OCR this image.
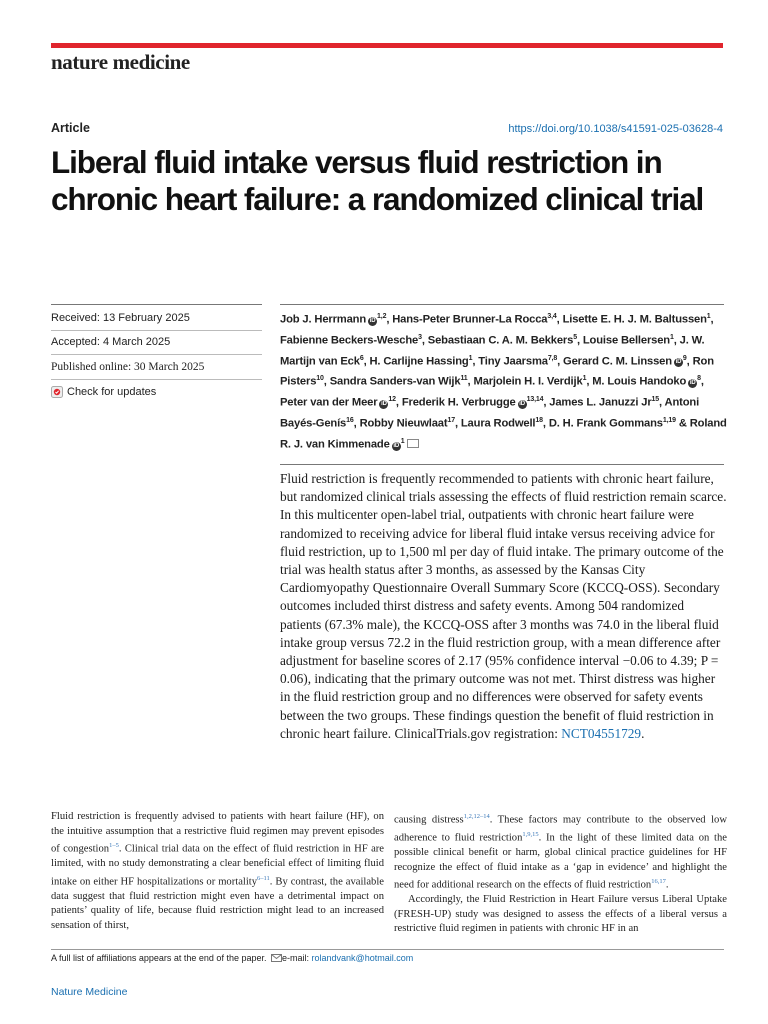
nature medicine
Article	https://doi.org/10.1038/s41591-025-03628-4
Liberal fluid intake versus fluid restriction in chronic heart failure: a randomized clinical trial
Received: 13 February 2025
Accepted: 4 March 2025
Published online: 30 March 2025
Check for updates
Job J. Herrmann iD$^{1,2}$, Hans-Peter Brunner-La Rocca$^{3,4}$, Lisette E. H. J. M. Baltussen$^1$, Fabienne Beckers-Wesche$^3$, Sebastiaan C. A. M. Bekkers$^5$, Louise Bellersen$^1$, J. W. Martijn van Eck$^6$, H. Carlijne Hassing$^1$, Tiny Jaarsma$^{7,8}$, Gerard C. M. Linssen $iD^9$, Ron Pisters$^{10}$, Sandra Sanders-van Wijk$^{11}$, Marjolein H. I. Verdijk$^1$, M. Louis Handoko $iD^8$, Peter van der Meer $iD^{12}$, Frederik H. Verbrugge iD$^{13,14}$, James L. Januzzi Jr$^{15}$, Antoni Bayés-Genís$^{16}$, Robby Nieuwlaat$^{17}$, Laura Rodwell$^{18}$, D. H. Frank Gommans$^{1,19}$ & Roland R. J. van Kimmenade $iD^1$

Fluid restriction is frequently recommended to patients with chronic heart failure, but randomized clinical trials assessing the effects of fluid restriction remain scarce. In this multicenter open-label trial, outpatients with chronic heart failure were randomized to receiving advice for liberal fluid intake versus receiving advice for fluid restriction, up to 1,500 ml per day of fluid intake. The primary outcome of the trial was health status after 3 months, as assessed by the Kansas City Cardiomyopathy Questionnaire Overall Summary Score (KCCQ-OSS). Secondary outcomes included thirst distress and safety events. Among 504 randomized patients (67.3% male), the KCCQ-OSS after 3 months was 74.0 in the liberal fluid intake group versus 72.2 in the fluid restriction group, with a mean difference after adjustment for baseline scores of 2.17 (95% confidence interval −0.06 to 4.39; P = 0.06), indicating that the primary outcome was not met. Thirst distress was higher in the fluid restriction group and no differences were observed for safety events between the two groups. These findings question the benefit of fluid restriction in chronic heart failure. ClinicalTrials.gov registration: NCT04551729.

Fluid restriction is frequently advised to patients with heart failure (HF), on the intuitive assumption that a restrictive fluid regimen may prevent episodes of congestion$^{1-5}$. Clinical trial data on the effect of fluid restriction in HF are limited, with no study demonstrating a clear beneficial effect of limiting fluid intake on either HF hospitalizations or mortality$^{6-11}$. By contrast, the available data suggest that fluid restriction might even have a detrimental impact on patients’ quality of life, because fluid restriction might lead to an increased sensation of thirst,

causing distress$^{1,2,12-14}$. These factors may contribute to the observed low adherence to fluid restriction$^{1,9,15}$. In the light of these limited data on the possible clinical benefit or harm, global clinical practice guidelines for HF recognize the effect of fluid intake as a ‘gap in evidence’ and highlight the need for additional research on the effects of fluid restriction$^{16,17}$.

Accordingly, the Fluid Restriction in Heart Failure versus Liberal Uptake (FRESH-UP) study was designed to assess the effects of a liberal versus a restrictive fluid regimen in patients with chronic HF in an

A full list of affiliations appears at the end of the paper. e-mail: rolandvank@hotmail.com
Nature Medicine
